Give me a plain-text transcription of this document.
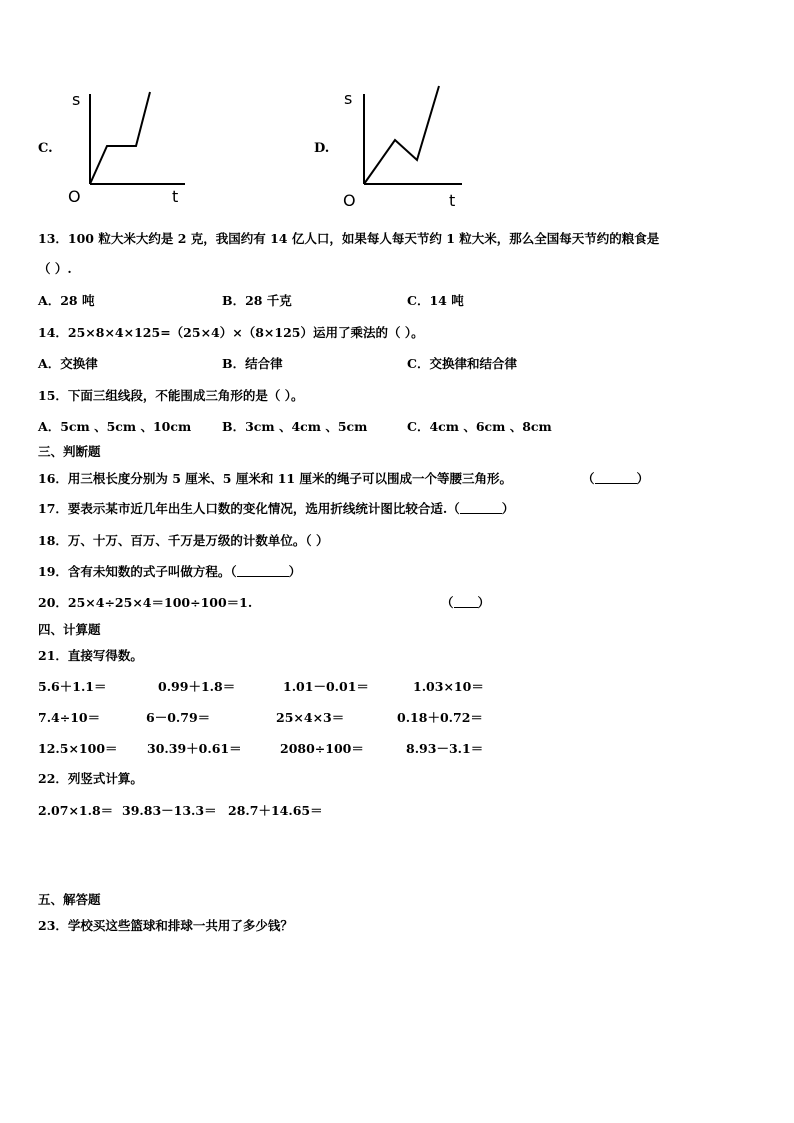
C.
s
t
O
D.
s
t
O
13．100 粒大米大约是 2 克，我国约有 14 亿人口，如果每人每天节约 1 粒大米，那么全国每天节约的粮食是
（ ）.
A．28 吨	B．28 千克	C．14 吨
14．25×8×4×125=（25×4）×（8×125）运用了乘法的（ ）。
A．交换律	B．结合律	C．交换律和结合律
15．下面三组线段，不能围成三角形的是（ ）。
A．5cm 、5cm 、10cm B．3cm 、4cm 、5cm	C．4cm 、6cm 、8cm
三、判断题
16．用三根长度分别为 5 厘米、5 厘米和 11 厘米的绳子可以围成一个等腰三角形。	（	）
17．要表示某市近几年出生人口数的变化情况，选用折线统计图比较合适.（	）
18．万、十万、百万、千万是万级的计数单位。（ ）
19．含有未知数的式子叫做方程。（	）
20．25×4÷25×4＝100÷100＝1.	（ ）
四、计算题
21．直接写得数。
5.6＋1.1＝	0.99＋1.8＝	1.01－0.01＝	1.03×10＝
7.4÷10＝	6－0.79＝	25×4×3＝	0.18＋0.72＝
12.5×100＝ 30.39＋0.61＝	2080÷100＝	8.93－3.1＝
22．列竖式计算。
2.07×1.8＝ 39.83－13.3＝ 28.7＋14.65＝
五、解答题
23．学校买这些篮球和排球一共用了多少钱？
